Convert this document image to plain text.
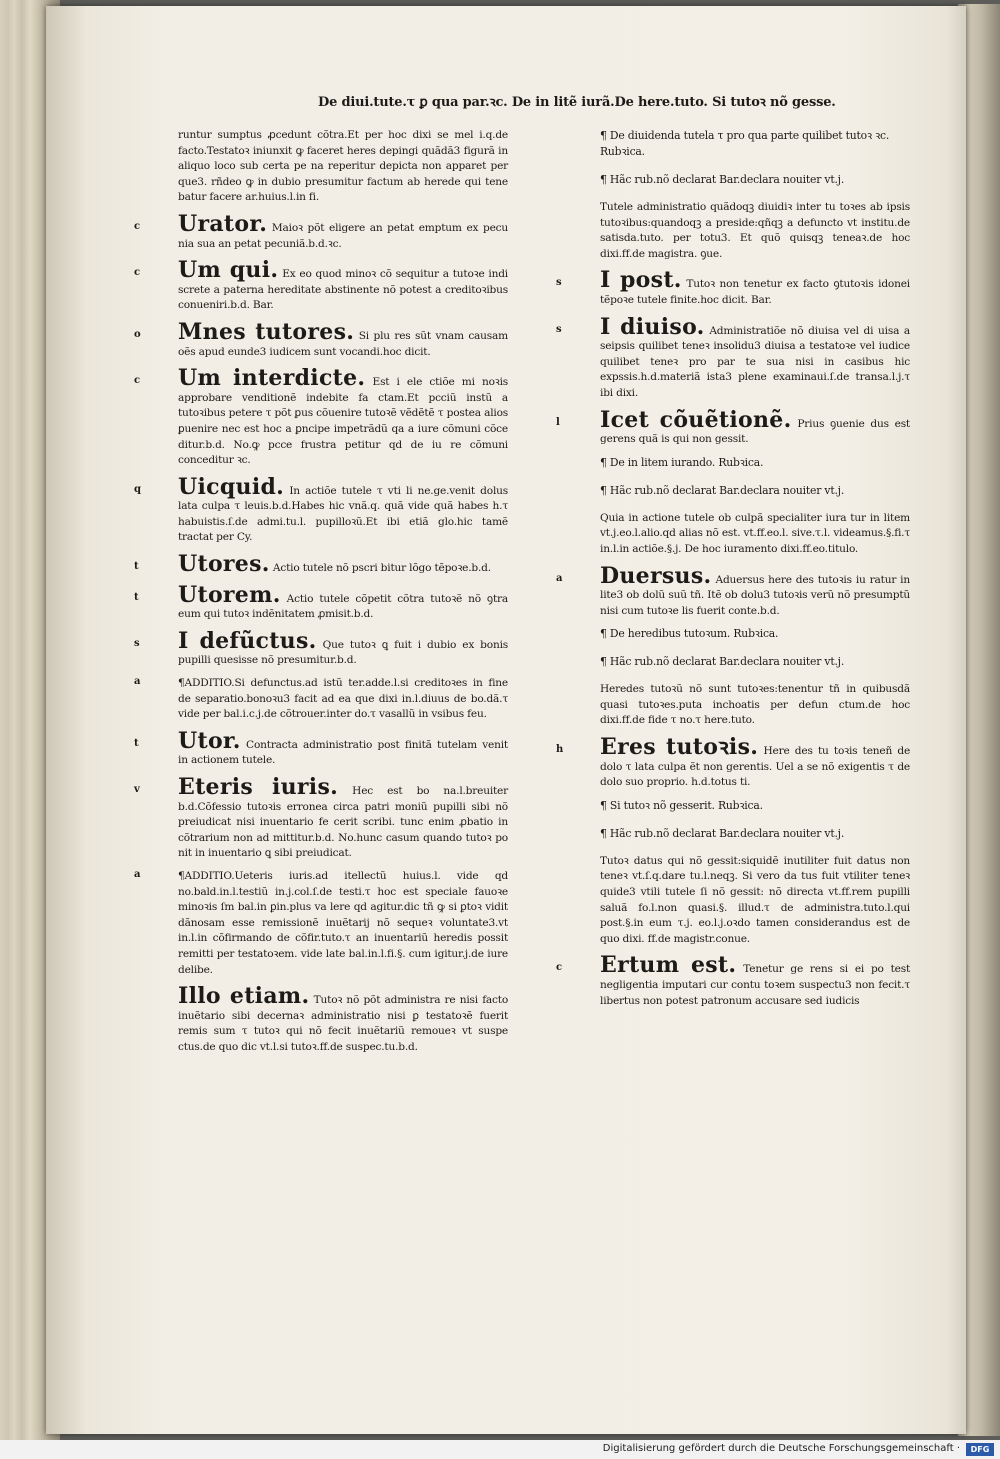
De diui.tute.τ ꝑ qua par.ꝛc. De in litẽ iurã.De here.tuto. Si tutoꝛ nõ gesse.

runtur sumptus ꝓcedunt cõtra.Et per hoc dixi se mel i.q.de facto.Testatoꝛ iniunxit ꝙ faceret heres depingi quãdã3 figurã in aliquo loco sub certa pe na reperitur depicta non apparet per que3. rñdeo ꝙ in dubio presumitur factum ab herede qui tene batur facere ar.huius.l.in fi.

c Urator. Maioꝛ põt eligere an petat emptum ex pecu nia sua an petat pecuniã.b.d.ꝛc.

c Um qui. Ex eo quod minoꝛ cõ sequitur a tutoꝛe indi screte a paterna hereditate abstinente nõ potest a creditoꝛibus conueniri.b.d. Bar.

o Mnes tutores. Si plu res sũt vnam causam oẽs apud eunde3 iudicem sunt vocandi.hoc dicit.

c Um interdicte. Est i ele ctiõe mi noꝛis approbare venditionẽ indebite fa ctam.Et pcciũ instũ a tutoꝛibus petere τ põt ꝑus cõuenire tutoꝛẽ vẽdẽtẽ τ postea alios ꝑuenire nec est hoc a ꝑncipe impetrãdũ qa a iure cõmuni cõce ditur.b.d. No.ꝙ pcce frustra petitur qd de iu re cõmuni conceditur ꝛc.

q Uicquid. In actiõe tutele τ vti li ne.ge.venit dolus lata culpa τ leuis.b.d.Habes hic vnã.q. quã vide quã habes h.τ habuistis.ſ.de admi.tu.l. pupilloꝛũ.Et ibi etiã glo.hic tamẽ tractat per Cy.

t Utores. Actio tutele nõ pscri bitur lõgo tẽpoꝛe.b.d.

t Utorem. Actio tutele cõpetit cõtra tutoꝛẽ nõ ꝯtra eum qui tutoꝛ indẽnitatem ꝓmisit.b.d.

s I defũctus. Que tutoꝛ ꝗ fuit i dubio ex bonis pupilli quesisse nõ presumitur.b.d.

a	¶ADDITIO.Si defunctus.ad istũ ter.adde.l.si creditoꝛes in fine de separatio.bonoꝛu3 facit ad ea que dixi in.l.diuus de bo.dã.τ vide per bal.i.c.j.de cõtrouer.inter do.τ vasallũ in vsibus feu.

t Utor. Contracta administratio post finitã tutelam venit in actionem tutele.

v Eteris iuris. Hec est bo na.l.breuiter b.d.Cõfessio tutoꝛis erronea circa patri moniũ pupilli sibi nõ preiudicat nisi inuentario fe cerit scribi. tunc enim ꝓbatio in cõtrarium non ad mittitur.b.d. No.hunc casum quando tutoꝛ po nit in inuentario ꝗ sibi preiudicat.

a	¶ADDITIO.Ueteris iuris.ad itellectũ huius.l. vide qd no.bald.in.l.testiũ in.j.col.ſ.de testi.τ hoc est speciale fauoꝛe minoꝛis ſm bal.in ꝑin.plus va lere qd agitur.dic tñ ꝙ si ꝑtoꝛ vidit dãnosam esse remissionẽ inuẽtarij nõ sequeꝛ voluntate3.vt in.l.in cõfirmando de cõfir.tuto.τ an inuentariũ heredis possit remitti per testatoꝛem. vide late bal.in.l.fi.§. cum igitur.j.de iure delibe.

Illo etiam. Tutoꝛ nõ põt administra re nisi facto inuẽtario sibi decernaꝛ administratio nisi ꝑ testatoꝛẽ fuerit remis sum τ tutoꝛ qui nõ fecit inuẽtariũ remoueꝛ vt suspe ctus.de quo dic vt.l.si tutoꝛ.ff.de suspec.tu.b.d.

¶ De diuidenda tutela τ pro qua parte quilibet tutoꝛ ꝛc. Rubꝛica.

¶ Hãc rub.nõ declarat Bar.declara nouiter vt.j.

Tutele administratio quãdoqꝫ diuidiꝛ inter tu toꝛes ab ipsis tutoꝛibus:quandoqꝫ a preside:qñqꝫ a defuncto vt institu.de satisda.tuto. per totu3. Et quõ quisqꝫ teneaꝛ.de hoc dixi.ff.de magistra. ꝯue.

s I post. Tutoꝛ non tenetur ex facto ꝯtutoꝛis idonei tẽpoꝛe tutele finite.hoc dicit. Bar.

s I diuiso. Administratiõe nõ diuisa vel di uisa a seipsis quilibet teneꝛ insolidu3 diuisa a testatoꝛe vel iudice quilibet teneꝛ pro par te sua nisi in casibus hic expssis.h.d.materiã ista3 plene examinaui.ſ.de transa.l.j.τ ibi dixi.

l Icet cõuẽtionẽ. Prius ꝯuenie dus est gerens quã is qui non gessit.

¶ De in litem iurando. Rubꝛica.

¶ Hãc rub.nõ declarat Bar.declara nouiter vt.j.

Quia in actione tutele ob culpã specialiter iura tur in litem vt.j.eo.l.alio.qd alias nõ est. vt.ff.eo.l. sive.τ.l. videamus.§.fi.τ in.l.in actiõe.§.j. De hoc iuramento dixi.ff.eo.titulo.

a Duersus. Aduersus here des tutoꝛis iu ratur in lite3 ob dolũ suũ tñ. Itẽ ob dolu3 tutoꝛis verũ nõ presumptũ nisi cum tutoꝛe lis fuerit conte.b.d.

¶ De heredibus tutoꝛum. Rubꝛica.

¶ Hãc rub.nõ declarat Bar.declara nouiter vt.j.

Heredes tutoꝛũ nõ sunt tutoꝛes:tenentur tñ in quibusdã quasi tutoꝛes.puta inchoatis per defun ctum.de hoc dixi.ff.de fide τ no.τ here.tuto.

h Eres tutoꝛis. Here des tu toꝛis teneñ de dolo τ lata culpa ẽt non gerentis. Uel a se nõ exigentis τ de dolo suo proprio. h.d.totus ti.

¶ Si tutoꝛ nõ gesserit. Rubꝛica.

¶ Hãc rub.nõ declarat Bar.declara nouiter vt.j.

Tutoꝛ datus qui nõ gessit:siquidẽ inutiliter fuit datus non teneꝛ vt.ſ.q.dare tu.l.neqꝫ. Si vero da tus fuit vtiliter teneꝛ quide3 vtili tutele ſi nõ gessit: nõ directa vt.ff.rem pupilli saluã fo.l.non quasi.§. illud.τ de administra.tuto.l.qui post.§.in eum τ.j. eo.l.j.oꝛdo tamen considerandus est de quo dixi. ff.de magistr.conue.

c Ertum est. Tenetur ge rens si ei po test negligentia imputari cur contu toꝛem suspectu3 non fecit.τ libertus non potest patronum accusare sed iudicis

Digitalisierung gefördert durch die Deutsche Forschungsgemeinschaft ·	DFG
